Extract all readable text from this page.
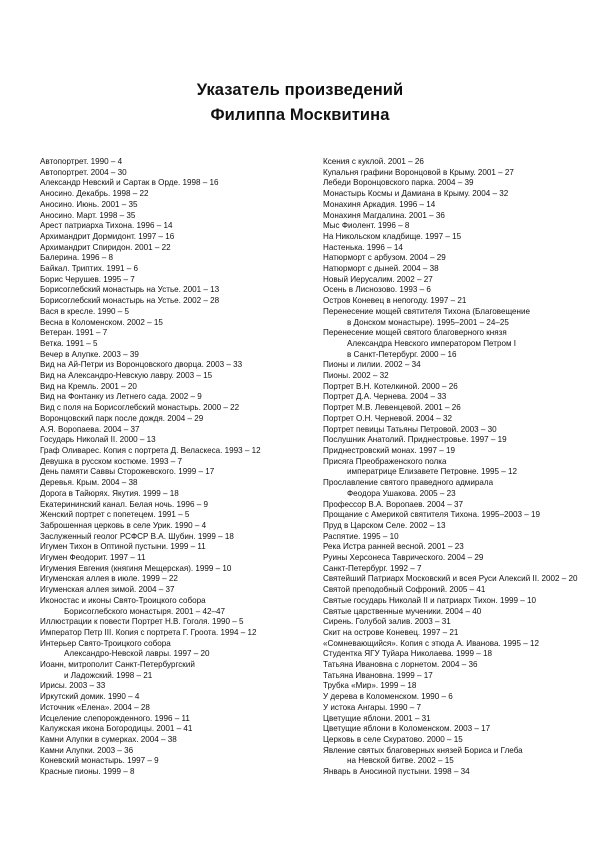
Указатель произведений
Филиппа Москвитина
Автопортрет. 1990 – 4
Автопортрет. 2004 – 30
Александр Невский и Сартак в Орде. 1998 – 16
Аносино. Декабрь. 1998 – 22
Аносино. Июнь. 2001 – 35
Аносино. Март. 1998 – 35
Арест патриарха Тихона. 1996 – 14
Архимандрит Дормидонт. 1997 – 16
Архимандрит Спиридон. 2001 – 22
Балерина. 1996 – 8
Байкал. Триптих. 1991 – 6
Борис Черушев. 1995 – 7
Борисоглебский монастырь на Устье. 2001 – 13
Борисоглебский монастырь на Устье. 2002 – 28
Вася в кресле. 1990 – 5
Весна в Коломенском. 2002 – 15
Ветеран. 1991 – 7
Ветка. 1991 – 5
Вечер в Алупке. 2003 – 39
Вид на Ай-Петри из Воронцовского дворца. 2003 – 33
Вид на Александро-Невскую лавру. 2003 – 15
Вид на Кремль. 2001 – 20
Вид на Фонтанку из Летнего сада. 2002 – 9
Вид с поля на Борисоглебский монастырь. 2000 – 22
Воронцовский парк после дождя. 2004 – 29
А.Я. Воропаева. 2004 – 37
Государь Николай II. 2000 – 13
Граф Оливарес. Копия с портрета Д. Веласкеса. 1993 – 12
Девушка в русском костюме. 1993 – 7
День памяти Саввы Сторожевского. 1999 – 17
Деревья. Крым. 2004 – 38
Дорога в Тайюрях. Якутия. 1999 – 18
Екатерининский канал. Белая ночь. 1996 – 9
Женский портрет с попетецем. 1991 – 5
Заброшенная церковь в селе Урик. 1990 – 4
Заслуженный геолог РСФСР В.А. Шубин. 1999 – 18
Игумен Тихон в Оптиной пустыни. 1999 – 11
Игумен Феодорит. 1997 – 11
Игумения Евгения (княгиня Мещерская). 1999 – 10
Игуменская аллея в июле. 1999 – 22
Игуменская аллея зимой. 2004 – 37
Иконостас и иконы Свято-Троицкого собора
Борисоглебского монастыря. 2001 – 42–47
Иллюстрации к повести Портрет Н.В. Гоголя. 1990 – 5
Император Петр III. Копия с портрета Г. Гроота. 1994 – 12
Интерьер Свято-Троицкого собора
Александро-Невской лавры. 1997 – 20
Иоанн, митрополит Санкт-Петербургский
и Ладожский. 1998 – 21
Ирисы. 2003 – 33
Иркутский домик. 1990 – 4
Источник «Елена». 2004 – 28
Исцеление слепорожденного. 1996 – 11
Калужская икона Богородицы. 2001 – 41
Камни Алупки в сумерках. 2004 – 38
Камни Алупки. 2003 – 36
Коневский монастырь. 1997 – 9
Красные пионы. 1999 – 8
Ксения с куклой. 2001 – 26
Купальня графини Воронцовой в Крыму. 2001 – 27
Лебеди Воронцовского парка. 2004 – 39
Монастырь Космы и Дамиана в Крыму. 2004 – 32
Монахиня Аркадия. 1996 – 14
Монахиня Магдалина. 2001 – 36
Мыс Фиолент. 1996 – 8
На Никольском кладбище. 1997 – 15
Настенька. 1996 – 14
Натюрморт с арбузом. 2004 – 29
Натюрморт с дыней. 2004 – 38
Новый Иерусалим. 2002 – 27
Осень в Лиснозово. 1993 – 6
Остров Коневец в непогоду. 1997 – 21
Перенесение мощей святителя Тихона (Благовещение
в Донском монастыре). 1995–2001 – 24–25
Перенесение мощей святого благоверного князя
Александра Невского императором Петром I
в Санкт-Петербург. 2000 – 16
Пионы и лилии. 2002 – 34
Пионы. 2002 – 32
Портрет В.Н. Котелкиной. 2000 – 26
Портрет Д.А. Чернева. 2004 – 33
Портрет М.В. Левенцевой. 2001 – 26
Портрет О.Н. Черневой. 2004 – 32
Портрет певицы Татьяны Петровой. 2003 – 30
Послушник Анатолий. Приднестровье. 1997 – 19
Приднестровский монах. 1997 – 19
Присяга Преображенского полка
императрице Елизавете Петровне. 1995 – 12
Прославление святого праведного адмирала
Феодора Ушакова. 2005 – 23
Профессор В.А. Воропаев. 2004 – 37
Прощание с Америкой святителя Тихона. 1995–2003 – 19
Пруд в Царском Селе. 2002 – 13
Распятие. 1995 – 10
Река Истра ранней весной. 2001 – 23
Руины Херсонеса Таврического. 2004 – 29
Санкт-Петербург. 1992 – 7
Святейший Патриарх Московский и всея Руси Алексий II. 2002 – 20
Святой преподобный Софроний. 2005 – 41
Святые государь Николай II и патриарх Тихон. 1999 – 10
Святые царственные мученики. 2004 – 40
Сирень. Голубой залив. 2003 – 31
Скит на острове Коневец. 1997 – 21
«Сомневающийся». Копия с этюда А. Иванова. 1995 – 12
Студентка ЯГУ Туйара Николаева. 1999 – 18
Татьяна Ивановна с лорнетом. 2004 – 36
Татьяна Ивановна. 1999 – 17
Трубка «Мир». 1999 – 18
У дерева в Коломенском. 1990 – 6
У истока Ангары. 1990 – 7
Цветущие яблони. 2001 – 31
Цветущие яблони в Коломенском. 2003 – 17
Церковь в селе Скуратово. 2000 – 15
Явление святых благоверных князей Бориса и Глеба
на Невской битве. 2002 – 15
Январь в Аносиной пустыни. 1998 – 34
